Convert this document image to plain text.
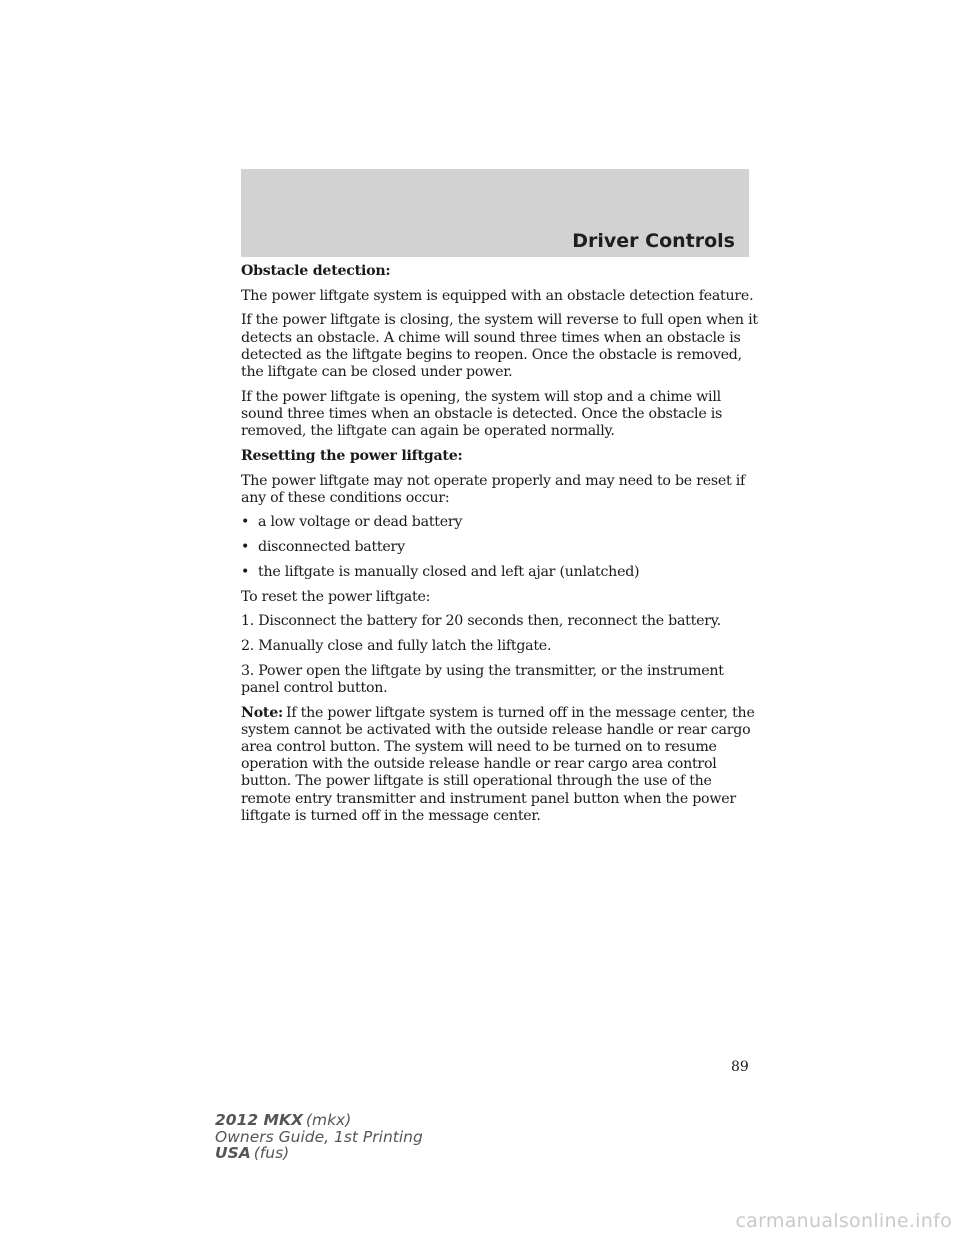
Driver Controls

Obstacle detection:

The power liftgate system is equipped with an obstacle detection feature.

If the power liftgate is closing, the system will reverse to full open when it detects an obstacle. A chime will sound three times when an obstacle is detected as the liftgate begins to reopen. Once the obstacle is removed, the liftgate can be closed under power.

If the power liftgate is opening, the system will stop and a chime will sound three times when an obstacle is detected. Once the obstacle is removed, the liftgate can again be operated normally.

Resetting the power liftgate:

The power liftgate may not operate properly and may need to be reset if any of these conditions occur:

• a low voltage or dead battery
• disconnected battery
• the liftgate is manually closed and left ajar (unlatched)

To reset the power liftgate:

1. Disconnect the battery for 20 seconds then, reconnect the battery.

2. Manually close and fully latch the liftgate.

3. Power open the liftgate by using the transmitter, or the instrument panel control button.

Note: If the power liftgate system is turned off in the message center, the system cannot be activated with the outside release handle or rear cargo area control button. The system will need to be turned on to resume operation with the outside release handle or rear cargo area control button. The power liftgate is still operational through the use of the remote entry transmitter and instrument panel button when the power liftgate is turned off in the message center.

89
2012 MKX (mkx)
Owners Guide, 1st Printing
USA (fus)
carmanualsonline.info
